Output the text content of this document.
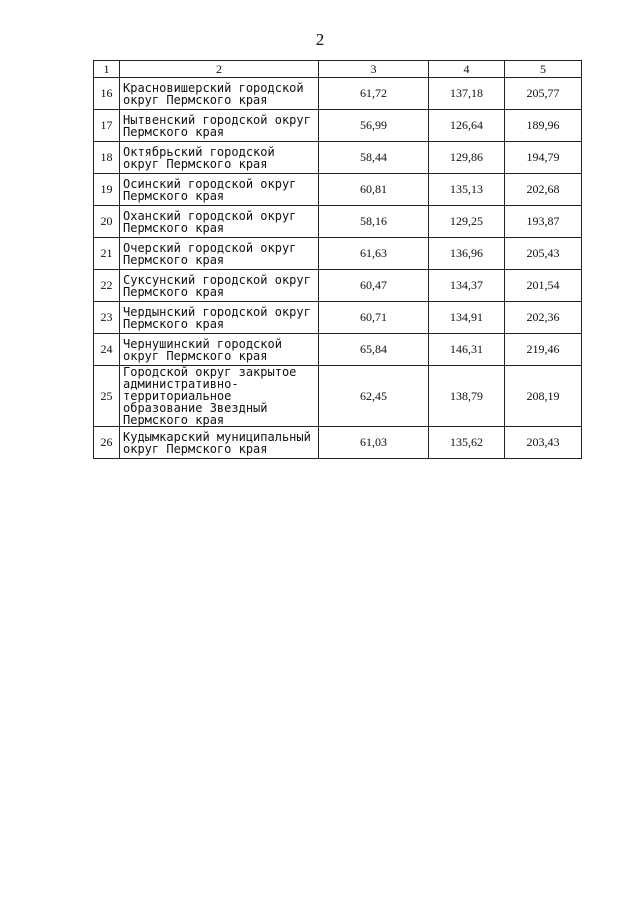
2
1	2	3	4	5
16	Красновишерский городской округ Пермского края	61,72	137,18	205,77
17	Нытвенский городской округ Пермского края	56,99	126,64	189,96
18	Октябрьский городской округ Пермского края	58,44	129,86	194,79
19	Осинский городской округ Пермского края	60,81	135,13	202,68
20	Оханский городской округ Пермского края	58,16	129,25	193,87
21	Очерский городской округ Пермского края	61,63	136,96	205,43
22	Суксунский городской округ Пермского края	60,47	134,37	201,54
23	Чердынский городской округ Пермского края	60,71	134,91	202,36
24	Чернушинский городской округ Пермского края	65,84	146,31	219,46
25	Городской округ закрытое административно-территориальное образование Звездный Пермского края	62,45	138,79	208,19
26	Кудымкарский муниципальный округ Пермского края	61,03	135,62	203,43
